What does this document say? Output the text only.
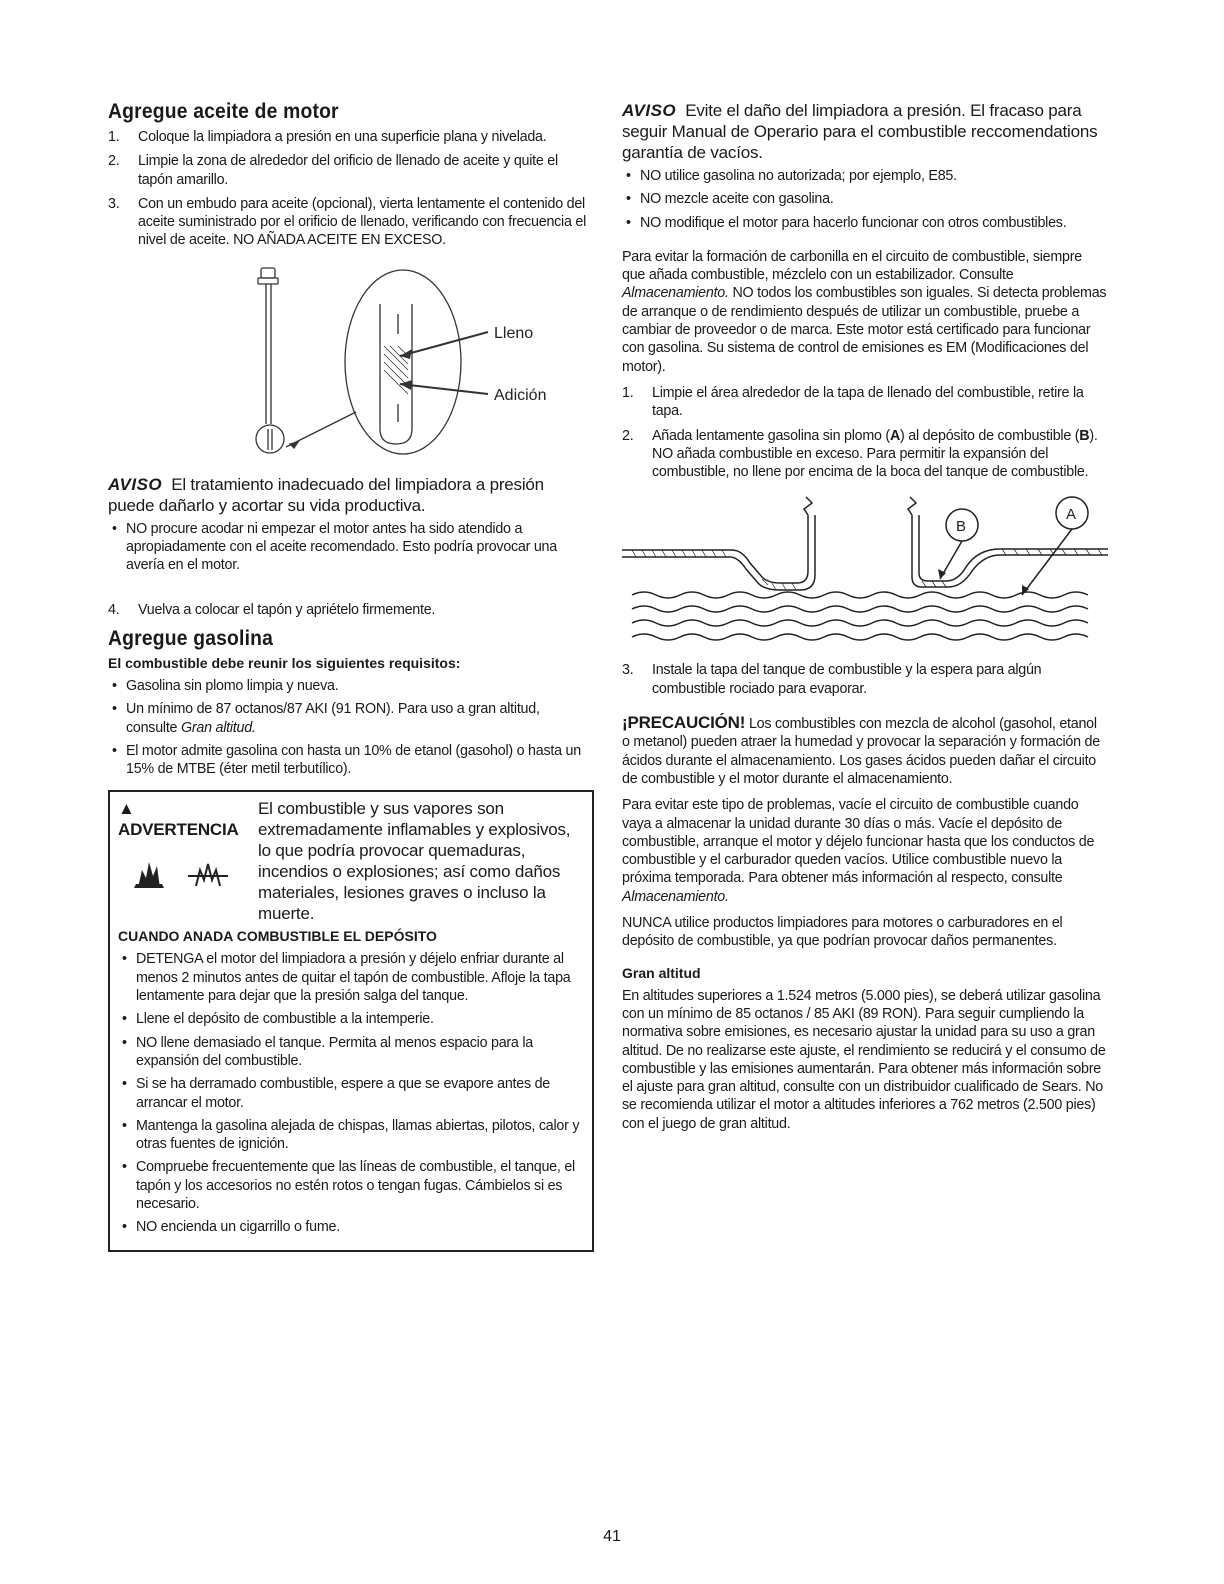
Agregue aceite de motor
1. Coloque la limpiadora a presión en una superficie plana y nivelada.
2. Limpie la zona de alrededor del orificio de llenado de aceite y quite el tapón amarillo.
3. Con un embudo para aceite (opcional), vierta lentamente el contenido del aceite suministrado por el orificio de llenado, verificando con frecuencia el nivel de aceite. NO AÑADA ACEITE EN EXCESO.
Lleno
Adición
AVISO El tratamiento inadecuado del limpiadora a presión puede dañarlo y acortar su vida productiva.
• NO procure acodar ni empezar el motor antes ha sido atendido a apropiadamente con el aceite recomendado. Esto podría provocar una avería en el motor.
4. Vuelva a colocar el tapón y apriételo firmemente.
Agregue gasolina
El combustible debe reunir los siguientes requisitos:
• Gasolina sin plomo limpia y nueva.
• Un mínimo de 87 octanos/87 AKI (91 RON). Para uso a gran altitud, consulte Gran altitud.
• El motor admite gasolina con hasta un 10% de etanol (gasohol) o hasta un 15% de MTBE (éter metil terbutílico).
▲ ADVERTENCIA
El combustible y sus vapores son extremadamente inflamables y explosivos, lo que podría provocar quemaduras, incendios o explosiones; así como daños materiales, lesiones graves o incluso la muerte.
CUANDO ANADA COMBUSTIBLE EL DEPÓSITO
• DETENGA el motor del limpiadora a presión y déjelo enfriar durante al menos 2 minutos antes de quitar el tapón de combustible. Afloje la tapa lentamente para dejar que la presión salga del tanque.
• Llene el depósito de combustible a la intemperie.
• NO llene demasiado el tanque. Permita al menos espacio para la expansión del combustible.
• Si se ha derramado combustible, espere a que se evapore antes de arrancar el motor.
• Mantenga la gasolina alejada de chispas, llamas abiertas, pilotos, calor y otras fuentes de ignición.
• Compruebe frecuentemente que las líneas de combustible, el tanque, el tapón y los accesorios no estén rotos o tengan fugas. Cámbielos si es necesario.
• NO encienda un cigarrillo o fume.
AVISO Evite el daño del limpiadora a presión. El fracaso para seguir Manual de Operario para el combustible reccomendations garantía de vacíos.
• NO utilice gasolina no autorizada; por ejemplo, E85.
• NO mezcle aceite con gasolina.
• NO modifique el motor para hacerlo funcionar con otros combustibles.

Para evitar la formación de carbonilla en el circuito de combustible, siempre que añada combustible, mézclelo con un estabilizador. Consulte Almacenamiento. NO todos los combustibles son iguales. Si detecta problemas de arranque o de rendimiento después de utilizar un combustible, pruebe a cambiar de proveedor o de marca. Este motor está certificado para funcionar con gasolina. Su sistema de control de emisiones es EM (Modificaciones del motor).

1. Limpie el área alrededor de la tapa de llenado del combustible, retire la tapa.
2. Añada lentamente gasolina sin plomo (A) al depósito de combustible (B). NO añada combustible en exceso. Para permitir la expansión del combustible, no llene por encima de la boca del tanque de combustible.
B
A
3. Instale la tapa del tanque de combustible y la espera para algún combustible rociado para evaporar.

¡PRECAUCIÓN! Los combustibles con mezcla de alcohol (gasohol, etanol o metanol) pueden atraer la humedad y provocar la separación y formación de ácidos durante el almacenamiento. Los gases ácidos pueden dañar el circuito de combustible y el motor durante el almacenamiento.

Para evitar este tipo de problemas, vacíe el circuito de combustible cuando vaya a almacenar la unidad durante 30 días o más. Vacíe el depósito de combustible, arranque el motor y déjelo funcionar hasta que los conductos de combustible y el carburador queden vacíos. Utilice combustible nuevo la próxima temporada. Para obtener más información al respecto, consulte Almacenamiento.

NUNCA utilice productos limpiadores para motores o carburadores en el depósito de combustible, ya que podrían provocar daños permanentes.

Gran altitud

En altitudes superiores a 1.524 metros (5.000 pies), se deberá utilizar gasolina con un mínimo de 85 octanos / 85 AKI (89 RON). Para seguir cumpliendo la normativa sobre emisiones, es necesario ajustar la unidad para su uso a gran altitud. De no realizarse este ajuste, el rendimiento se reducirá y el consumo de combustible y las emisiones aumentarán. Para obtener más información sobre el ajuste para gran altitud, consulte con un distribuidor cualificado de Sears. No se recomienda utilizar el motor a altitudes inferiores a 762 metros (2.500 pies) con el juego de gran altitud.

41
